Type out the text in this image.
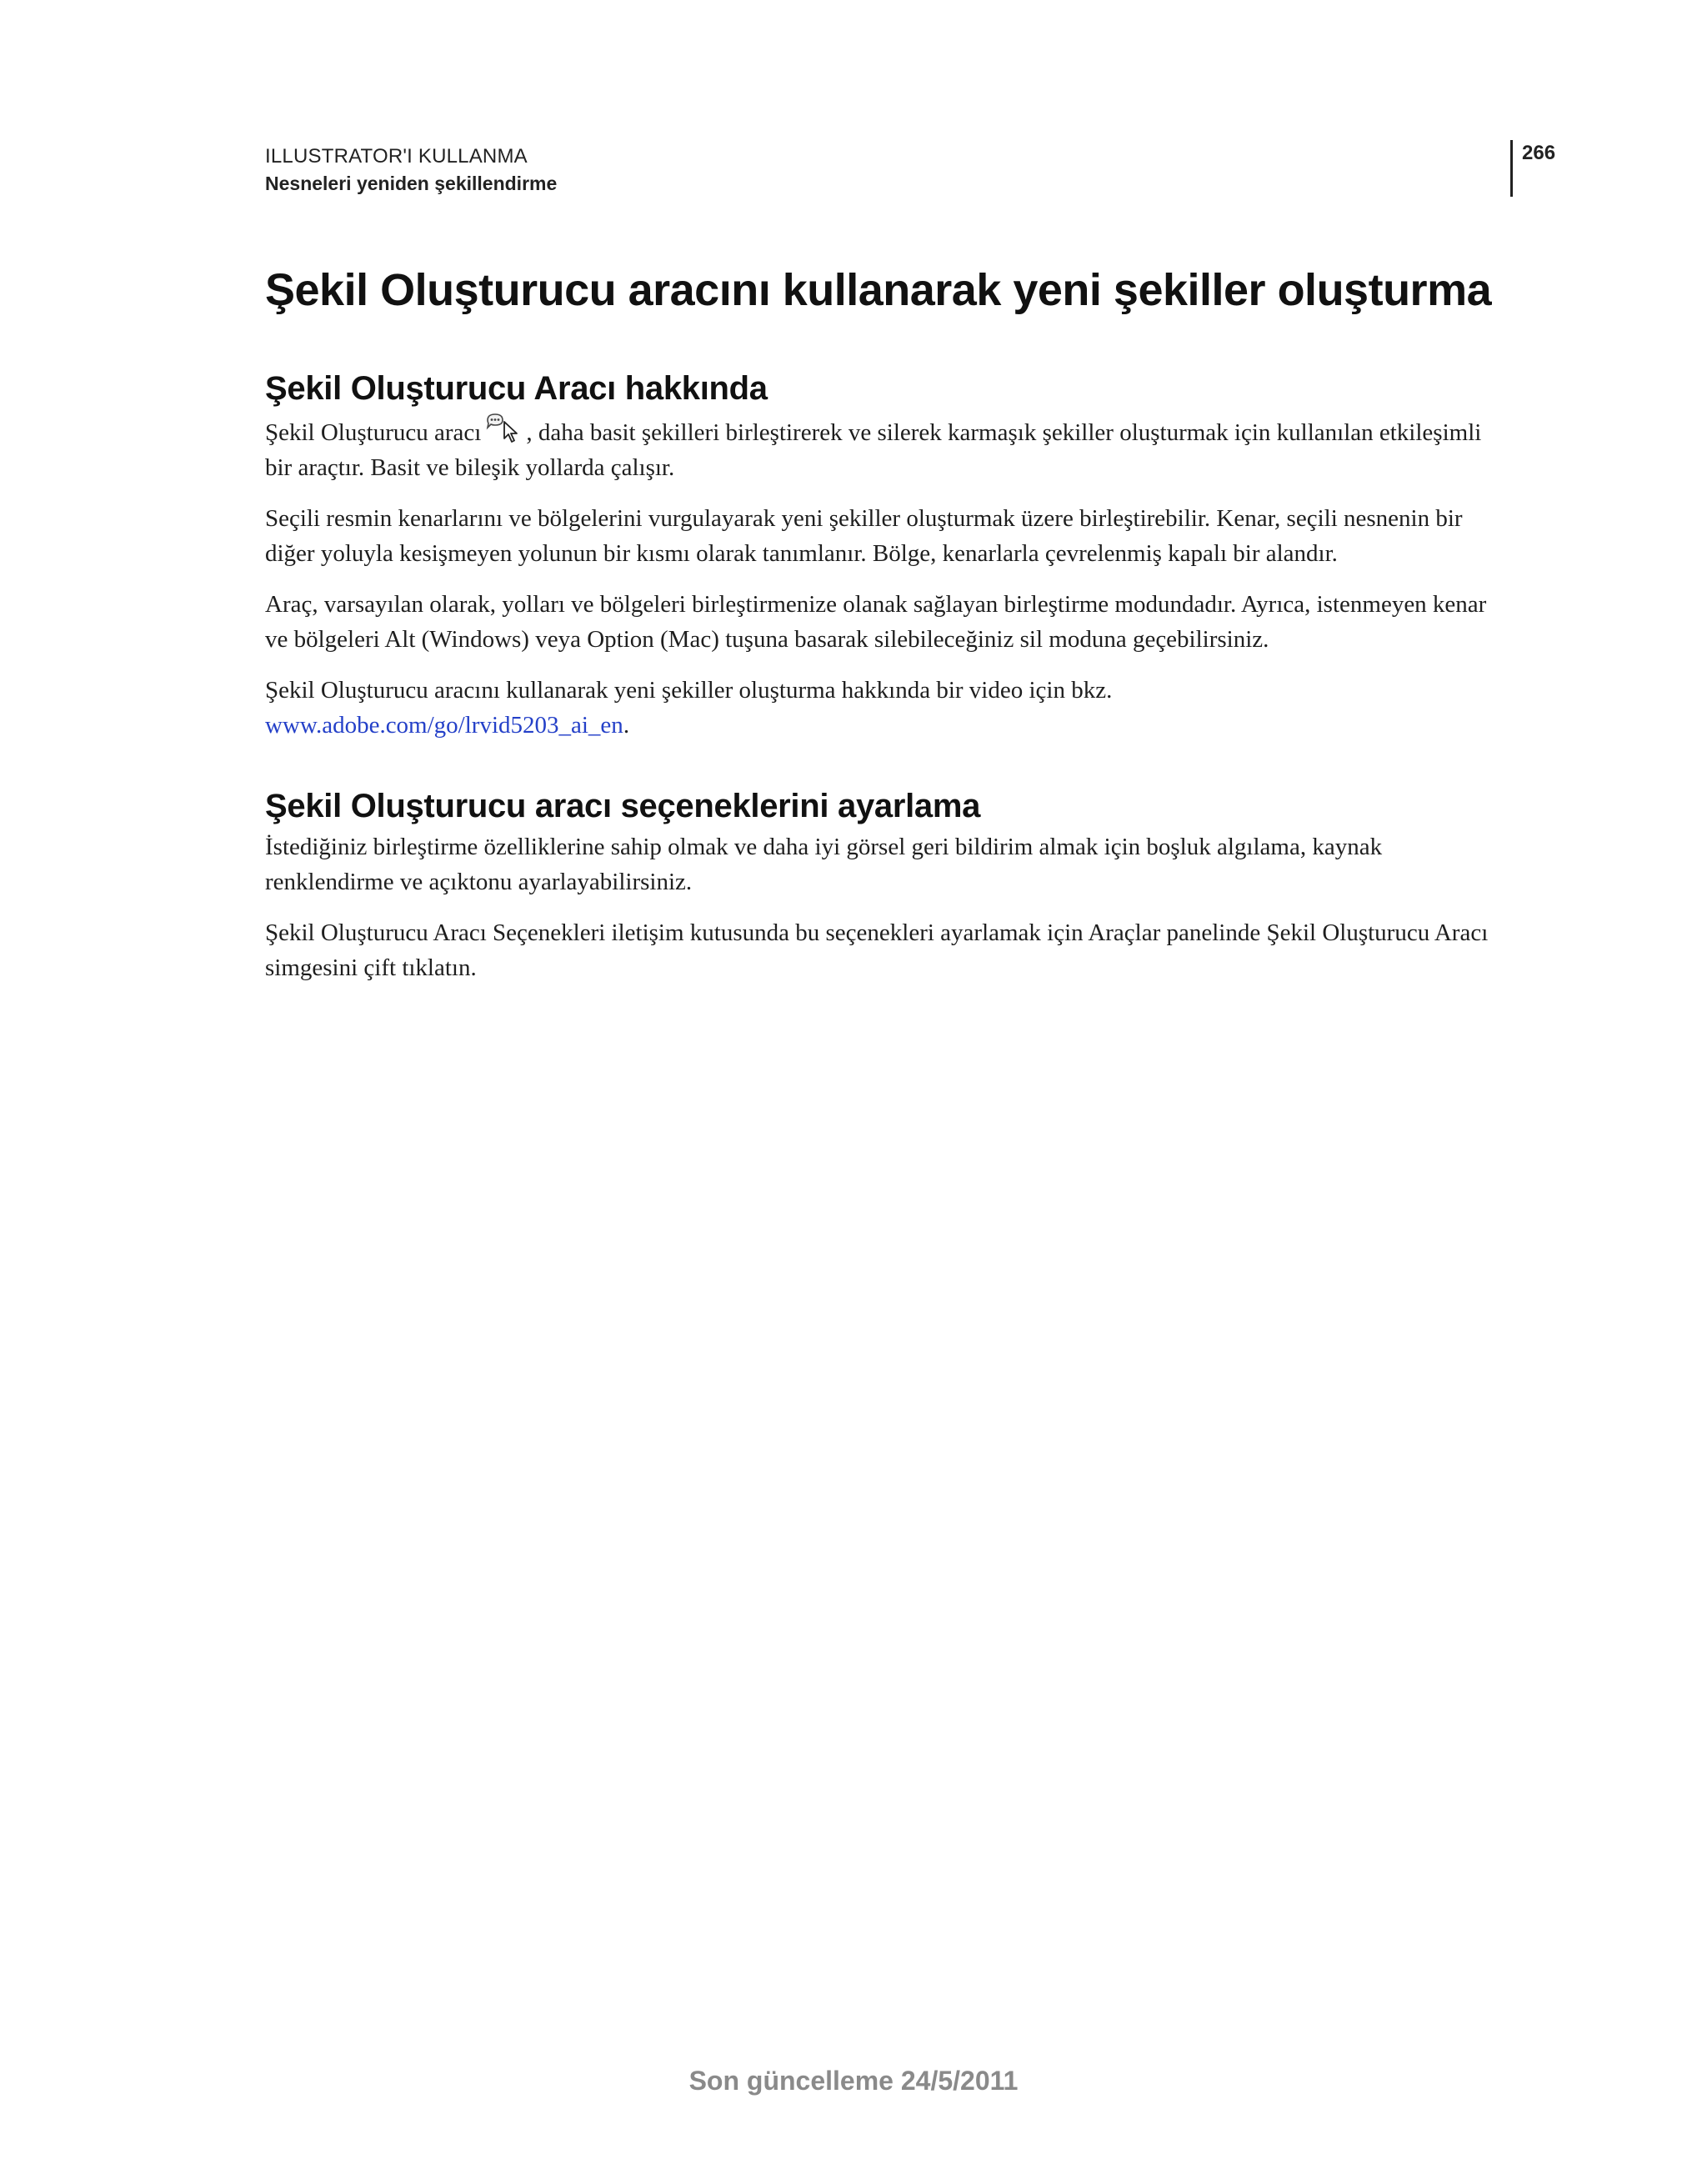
ILLUSTRATOR'I KULLANMA
Nesneleri yeniden şekillendirme
266
Şekil Oluşturucu aracını kullanarak yeni şekiller oluşturma
Şekil Oluşturucu Aracı hakkında

Şekil Oluşturucu aracı , daha basit şekilleri birleştirerek ve silerek karmaşık şekiller oluşturmak için kullanılan etkileşimli bir araçtır. Basit ve bileşik yollarda çalışır.

Seçili resmin kenarlarını ve bölgelerini vurgulayarak yeni şekiller oluşturmak üzere birleştirebilir. Kenar, seçili nesnenin bir diğer yoluyla kesişmeyen yolunun bir kısmı olarak tanımlanır. Bölge, kenarlarla çevrelenmiş kapalı bir alandır.

Araç, varsayılan olarak, yolları ve bölgeleri birleştirmenize olanak sağlayan birleştirme modundadır. Ayrıca, istenmeyen kenar ve bölgeleri Alt (Windows) veya Option (Mac) tuşuna basarak silebileceğiniz sil moduna geçebilirsiniz.

Şekil Oluşturucu aracını kullanarak yeni şekiller oluşturma hakkında bir video için bkz.
www.adobe.com/go/lrvid5203_ai_en.

Şekil Oluşturucu aracı seçeneklerini ayarlama

İstediğiniz birleştirme özelliklerine sahip olmak ve daha iyi görsel geri bildirim almak için boşluk algılama, kaynak renklendirme ve açıktonu ayarlayabilirsiniz.

Şekil Oluşturucu Aracı Seçenekleri iletişim kutusunda bu seçenekleri ayarlamak için Araçlar panelinde Şekil Oluşturucu Aracı simgesini çift tıklatın.

Son güncelleme 24/5/2011
